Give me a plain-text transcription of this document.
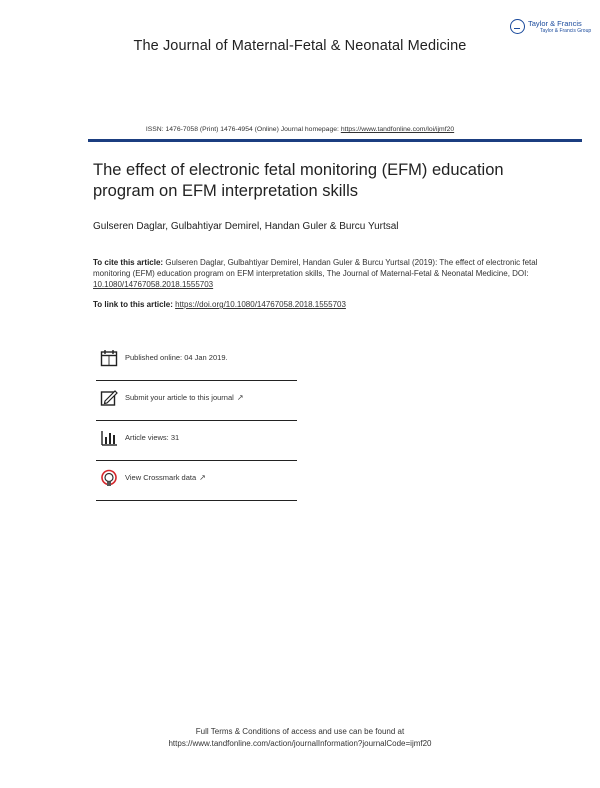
Taylor & Francis
Taylor & Francis Group
The Journal of Maternal-Fetal & Neonatal Medicine
ISSN: 1476-7058 (Print) 1476-4954 (Online) Journal homepage: https://www.tandfonline.com/loi/ijmf20
The effect of electronic fetal monitoring (EFM) education program on EFM interpretation skills
Gulseren Daglar, Gulbahtiyar Demirel, Handan Guler & Burcu Yurtsal
To cite this article: Gulseren Daglar, Gulbahtiyar Demirel, Handan Guler & Burcu Yurtsal (2019): The effect of electronic fetal monitoring (EFM) education program on EFM interpretation skills, The Journal of Maternal-Fetal & Neonatal Medicine, DOI: 10.1080/14767058.2018.1555703
To link to this article: https://doi.org/10.1080/14767058.2018.1555703
Published online: 04 Jan 2019.
Submit your article to this journal ↗
Article views: 31
View Crossmark data ↗
Full Terms & Conditions of access and use can be found at
https://www.tandfonline.com/action/journalInformation?journalCode=ijmf20
